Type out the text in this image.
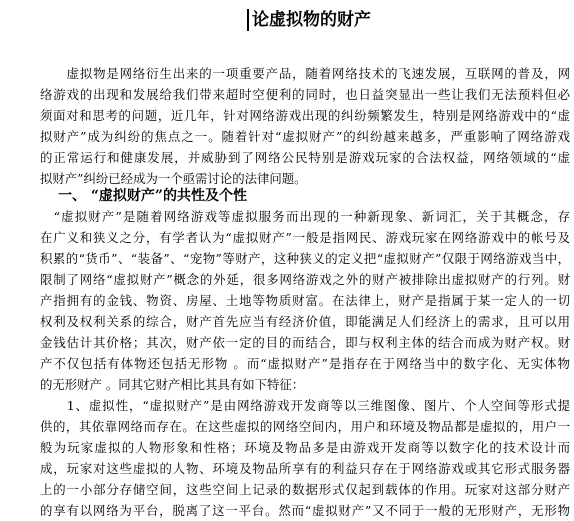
论虚拟物的财产
　　虚拟物是网络衍生出来的一项重要产品，随着网络技术的飞速发展，互联网的普及，网
络游戏的出现和发展给我们带来超时空便利的同时，也日益突显出一些让我们无法预料但必
须面对和思考的问题，近几年，针对网络游戏出现的纠纷频繁发生，特别是网络游戏中的“虚
拟财产”成为纠纷的焦点之一。随着针对“虚拟财产”的纠纷越来越多，严重影响了网络游戏
的正常运行和健康发展，并威胁到了网络公民特别是游戏玩家的合法权益，网络领域的“虚
拟财产”纠纷已经成为一个亟需讨论的法律问题。
一、 “虚拟财产”的共性及个性
　“虚拟财产”是随着网络游戏等虚拟服务而出现的一种新现象、新词汇，关于其概念，存
在广义和狭义之分，有学者认为“虚拟财产”一般是指网民、游戏玩家在网络游戏中的帐号及
积累的“货币”、“装备”、“宠物”等财产，这种狭义的定义把“虚拟财产”仅限于网络游戏当中，
限制了网络“虚拟财产”概念的外延，很多网络游戏之外的财产被排除出虚拟财产的行列。财
产指拥有的金钱、物资、房屋、土地等物质财富。在法律上，财产是指属于某一定人的一切
权利及权利关系的综合，财产首先应当有经济价值，即能满足人们经济上的需求，且可以用
金钱估计其价格；其次，财产依一定的目的而结合，即与权利主体的结合而成为财产权。财
产不仅包括有体物还包括无形物 。而“虚拟财产”是指存在于网络当中的数字化、无实体物
的无形财产 。同其它财产相比其具有如下特征：
　　1、虚拟性，“虚拟财产”是由网络游戏开发商等以三维图像、图片、个人空间等形式提
供的，其依靠网络而存在。在这些虚拟的网络空间内，用户和环境及物品都是虚拟的，用户一
般为玩家虚拟的人物形象和性格；环境及物品多是由游戏开发商等以数字化的技术设计而
成，玩家对这些虚拟的人物、环境及物品所享有的利益只存在于网络游戏或其它形式服务器
上的一小部分存储空间，这些空间上记录的数据形式仅起到载体的作用。玩家对这部分财产
的享有以网络为平台，脱离了这一平台。然而“虚拟财产”又不同于一般的无形财产，无形物
